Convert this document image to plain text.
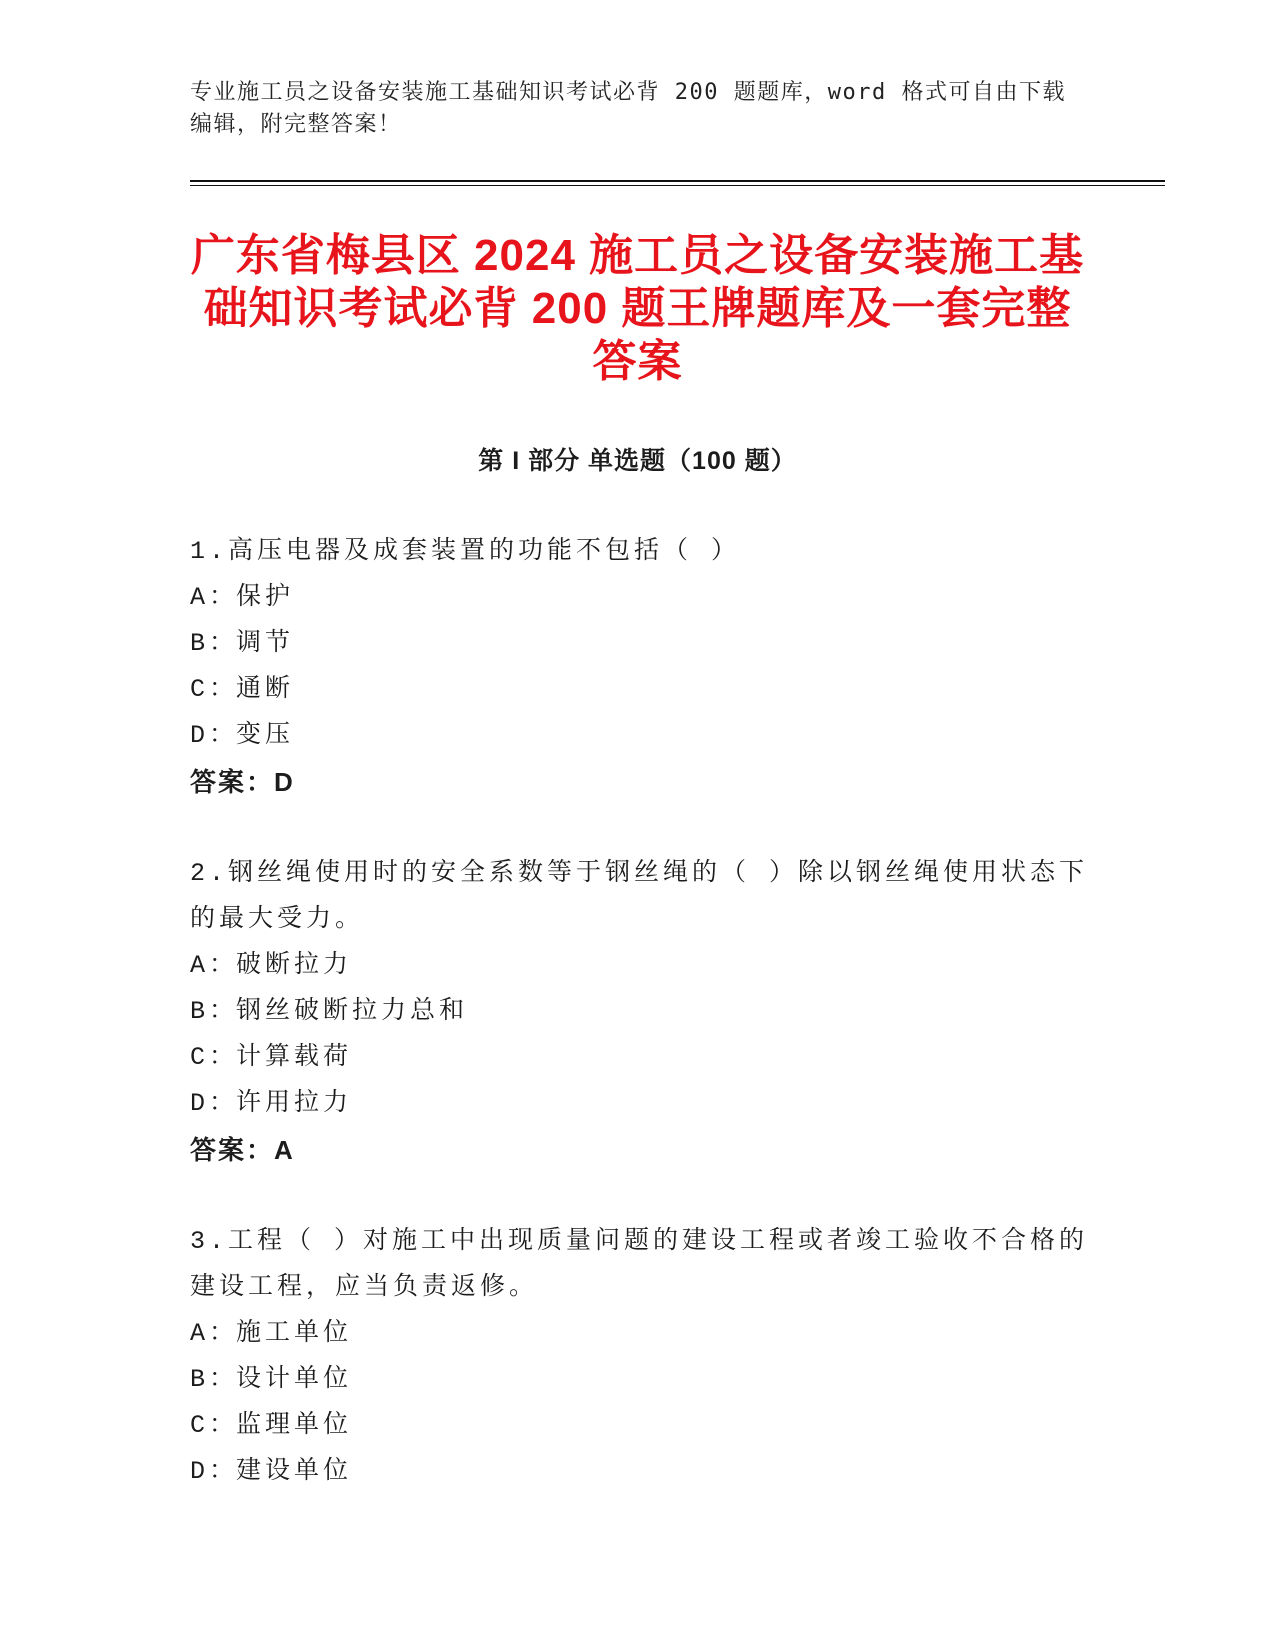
专业施工员之设备安装施工基础知识考试必背 200 题题库，word 格式可自由下载
编辑，附完整答案！
广东省梅县区 2024 施工员之设备安装施工基
础知识考试必背 200 题王牌题库及一套完整
答案
第 I 部分 单选题（100 题）
1.高压电器及成套装置的功能不包括（ ）
A：保护
B：调节
C：通断
D：变压
答案：D
2.钢丝绳使用时的安全系数等于钢丝绳的（ ）除以钢丝绳使用状态下的最大受力。
A：破断拉力
B：钢丝破断拉力总和
C：计算载荷
D：许用拉力
答案：A
3.工程（ ）对施工中出现质量问题的建设工程或者竣工验收不合格的建设工程，应当负责返修。
A：施工单位
B：设计单位
C：监理单位
D：建设单位
